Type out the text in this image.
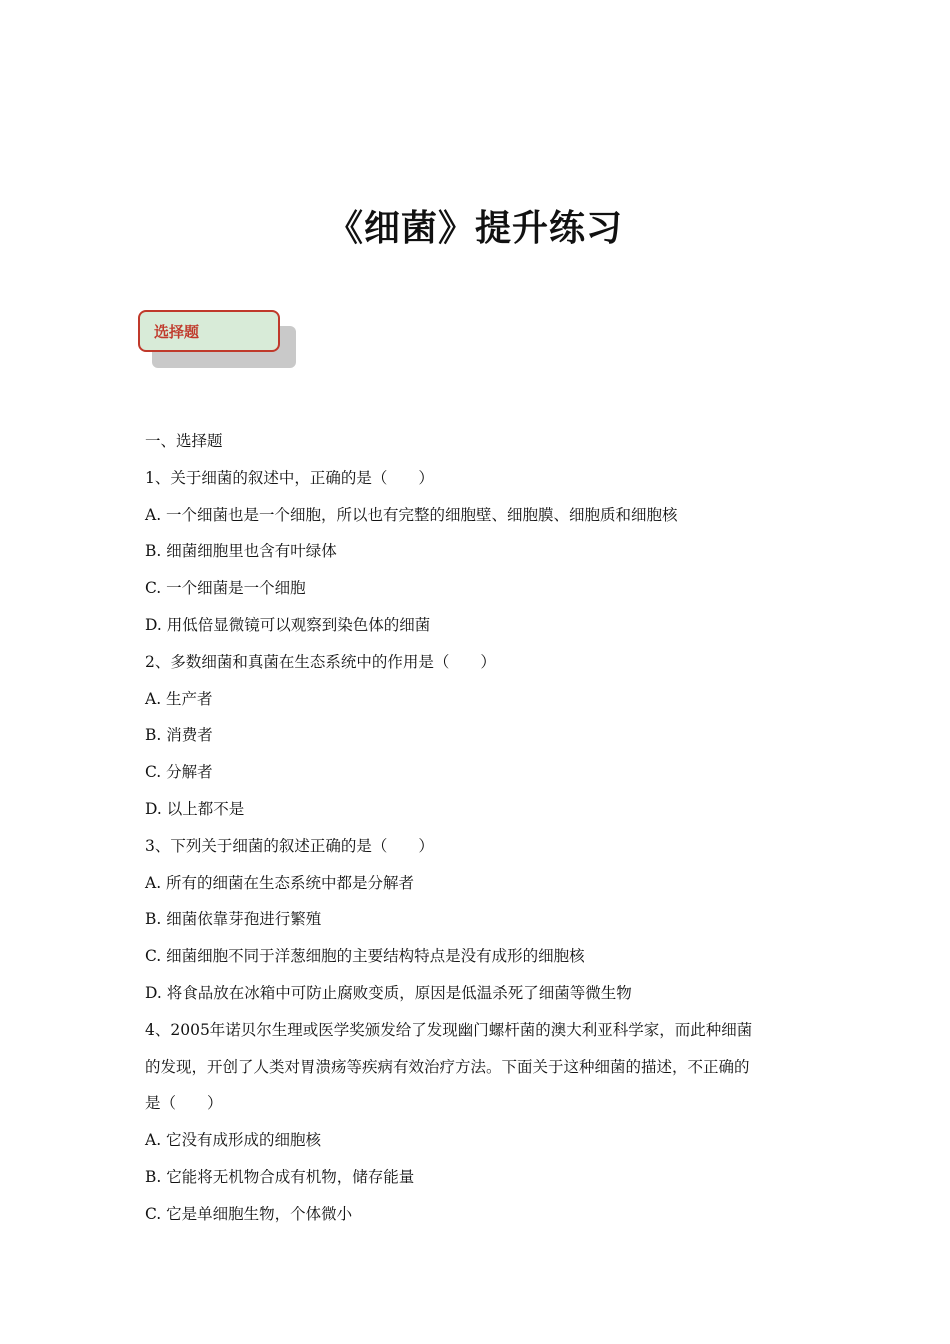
《细菌》提升练习
选择题
一、选择题
1、关于细菌的叙述中，正确的是（　　）
A. 一个细菌也是一个细胞，所以也有完整的细胞壁、细胞膜、细胞质和细胞核
B. 细菌细胞里也含有叶绿体
C. 一个细菌是一个细胞
D. 用低倍显微镜可以观察到染色体的细菌
2、多数细菌和真菌在生态系统中的作用是（　　）
A. 生产者
B. 消费者
C. 分解者
D. 以上都不是
3、下列关于细菌的叙述正确的是（　　）
A. 所有的细菌在生态系统中都是分解者
B. 细菌依靠芽孢进行繁殖
C. 细菌细胞不同于洋葱细胞的主要结构特点是没有成形的细胞核
D. 将食品放在冰箱中可防止腐败变质，原因是低温杀死了细菌等微生物
4、2005年诺贝尔生理或医学奖颁发给了发现幽门螺杆菌的澳大利亚科学家，而此种细菌
的发现，开创了人类对胃溃疡等疾病有效治疗方法。下面关于这种细菌的描述，不正确的
是（　　）
A. 它没有成形成的细胞核
B. 它能将无机物合成有机物，储存能量
C. 它是单细胞生物，个体微小
